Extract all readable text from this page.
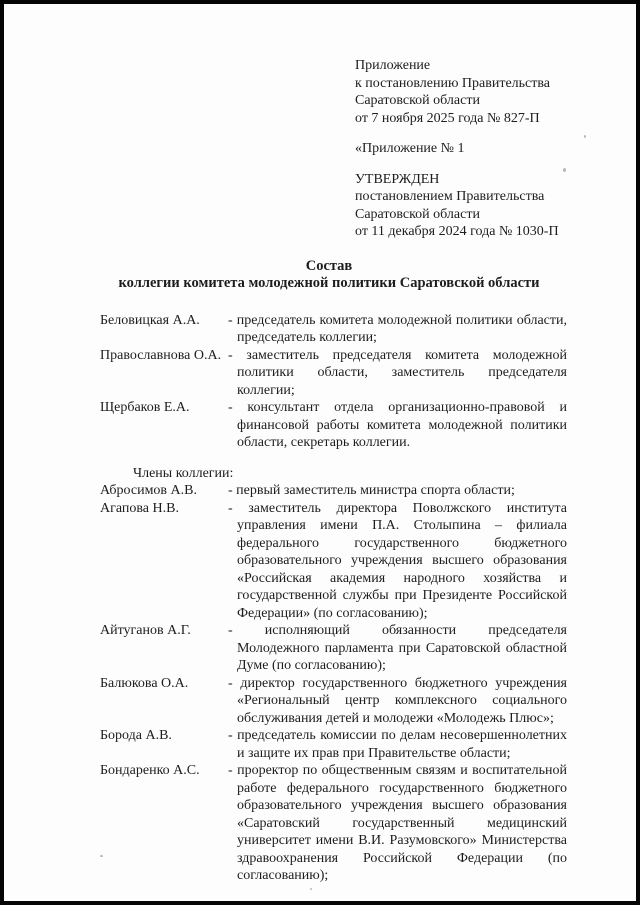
Приложение
к постановлению Правительства
Саратовской области
от 7 ноября 2025 года № 827-П
«Приложение № 1
УТВЕРЖДЕН
постановлением Правительства
Саратовской области
от 11 декабря 2024 года № 1030-П
Состав
коллегии комитета молодежной политики Саратовской области
Беловицкая А.А.	- председатель комитета молодежной политики области, председатель коллегии;
Православнова О.А. - заместитель председателя комитета молодежной политики области, заместитель председателя коллегии;
Щербаков Е.А.	- консультант отдела организационно-правовой и финансовой работы комитета молодежной политики области, секретарь коллегии.
Члены коллегии:
Абросимов А.В.	- первый заместитель министра спорта области;
Агапова Н.В.	- заместитель директора Поволжского института управления имени П.А. Столыпина – филиала федерального государственного бюджетного образовательного учреждения высшего образования «Российская академия народного хозяйства и государственной службы при Президенте Российской Федерации» (по согласованию);
Айтуганов А.Г.	- исполняющий обязанности председателя Молодежного парламента при Саратовской областной Думе (по согласованию);
Балюкова О.А.	- директор государственного бюджетного учреждения «Региональный центр комплексного социального обслуживания детей и молодежи «Молодежь Плюс»;
Борода А.В.	- председатель комиссии по делам несовершеннолетних и защите их прав при Правительстве области;
Бондаренко А.С.	- проректор по общественным связям и воспитательной работе федерального государственного бюджетного образовательного учреждения высшего образования «Саратовский государственный медицинский университет имени В.И. Разумовского» Министерства здравоохранения Российской Федерации (по согласованию);
